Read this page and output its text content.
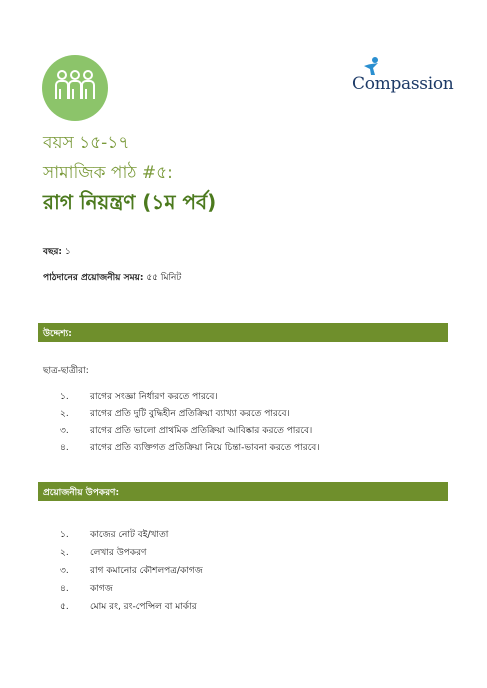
Compassion
বয়স ১৫-১৭
সামাজিক পাঠ #৫:
রাগ নিয়ন্ত্রণ (১ম পর্ব)
বছর: ১
পাঠদানের প্রয়োজনীয় সময়: ৫৫ মিনিট
উদ্দেশ্য:
ছাত্র-ছাত্রীরা:
১.	রাগের সংজ্ঞা নির্ধারণ করতে পারবে।
২.	রাগের প্রতি দুটি বুদ্ধিহীন প্রতিক্রিয়া ব্যাখ্যা করতে পারবে।
৩.	রাগের প্রতি ভালো প্রাথমিক প্রতিক্রিয়া আবিষ্কার করতে পারবে।
৪.	রাগের প্রতি ব্যক্তিগত প্রতিক্রিয়া নিয়ে চিন্তা-ভাবনা করতে পারবে।
প্রয়োজনীয় উপকরণ:
১.	কাজের নোট বই/খাতা
২.	লেখার উপকরণ
৩.	রাগ কমানোর কৌশলপত্র/কাগজ
৪.	কাগজ
৫.	মোম রং, রং-পেন্সিল বা মার্কার
